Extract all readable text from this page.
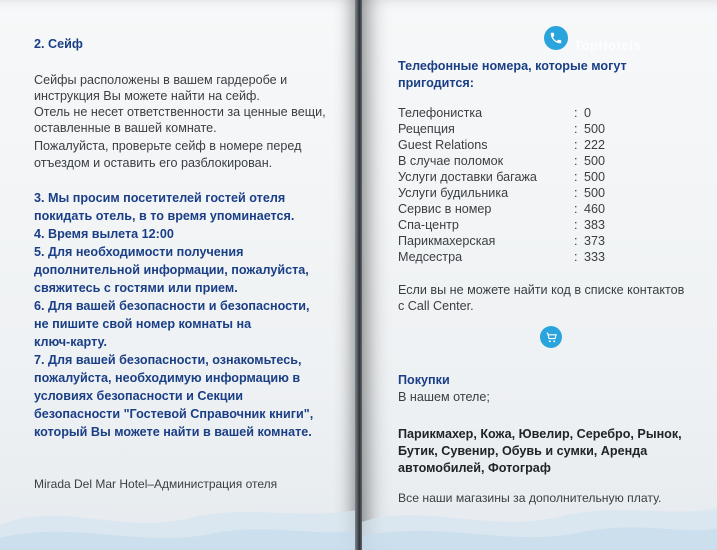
2. Сейф
Сейфы расположены в вашем гардеробе и
инструкция Вы можете найти на сейф.
Отель не несет ответственности за ценные вещи,
оставленные в вашей комнате.
Пожалуйста, проверьте сейф в номере перед
отъездом и оставить его разблокирован.
3. Мы просим посетителей гостей отеля
покидать отель, в то время упоминается.
4. Время вылета 12:00
5. Для необходимости получения
дополнительной информации, пожалуйста,
свяжитесь с гостями или прием.
6. Для вашей безопасности и безопасности,
не пишите свой номер комнаты на
ключ-карту.
7. Для вашей безопасности, ознакомьтесь,
пожалуйста, необходимую информацию в
условиях безопасности и Секции
безопасности "Гостевой Справочник книги",
который Вы можете найти в вашей комнате.
Mirada Del Mar Hotel–Администрация отеля
TopHotels
Телефонные номера, которые могут
пригодится:
Телефонистка	: 0
Рецепция	: 500
Guest Relations	: 222
В случае поломок	: 500
Услуги доставки багажа	: 500
Услуги будильника	: 500
Сервис в номер	: 460
Спа-центр	: 383
Парикмахерская	: 373
Медсестра	: 333
Если вы не можете найти код в списке контактов
с Call Center.
Покупки
В нашем отеле;
Парикмахер, Кожа, Ювелир, Серебро, Рынок,
Бутик, Сувенир, Обувь и сумки, Аренда
автомобилей, Фотограф
Все наши магазины за дополнительную плату.
